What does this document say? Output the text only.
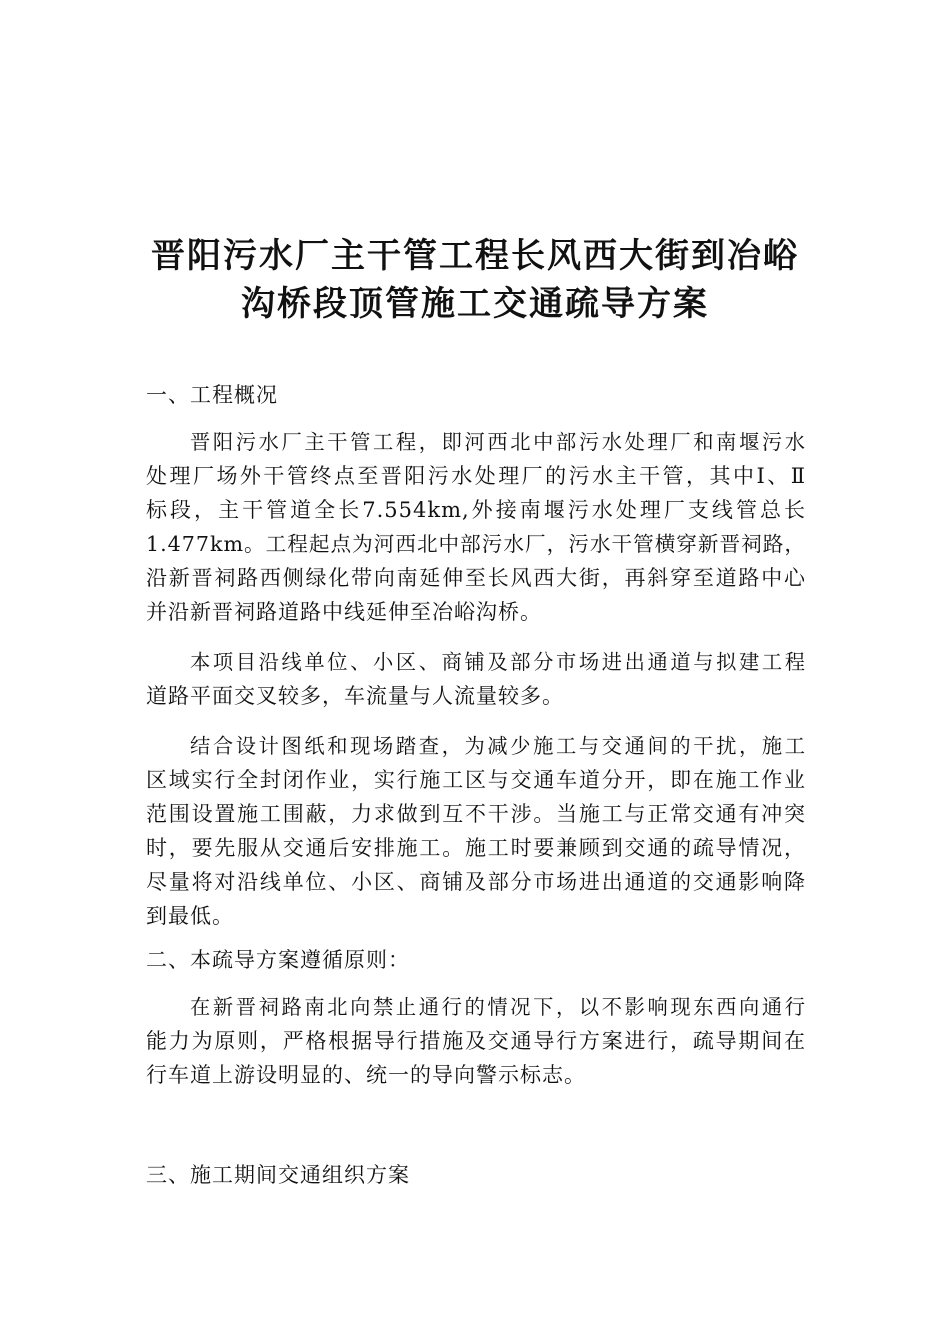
晋阳污水厂主干管工程长风西大街到冶峪
沟桥段顶管施工交通疏导方案
一、工程概况
晋阳污水厂主干管工程，即河西北中部污水处理厂和南堰污水
处理厂场外干管终点至晋阳污水处理厂的污水主干管，其中Ⅰ、Ⅱ
标段，主干管道全长7.554km,外接南堰污水处理厂支线管总长
1.477km。工程起点为河西北中部污水厂，污水干管横穿新晋祠路，
沿新晋祠路西侧绿化带向南延伸至长风西大街，再斜穿至道路中心
并沿新晋祠路道路中线延伸至冶峪沟桥。
本项目沿线单位、小区、商铺及部分市场进出通道与拟建工程
道路平面交叉较多，车流量与人流量较多。
结合设计图纸和现场踏查，为减少施工与交通间的干扰，施工
区域实行全封闭作业，实行施工区与交通车道分开，即在施工作业
范围设置施工围蔽，力求做到互不干涉。当施工与正常交通有冲突
时，要先服从交通后安排施工。施工时要兼顾到交通的疏导情况，
尽量将对沿线单位、小区、商铺及部分市场进出通道的交通影响降
到最低。
二、本疏导方案遵循原则：
在新晋祠路南北向禁止通行的情况下，以不影响现东西向通行
能力为原则，严格根据导行措施及交通导行方案进行，疏导期间在
行车道上游设明显的、统一的导向警示标志。
三、施工期间交通组织方案
